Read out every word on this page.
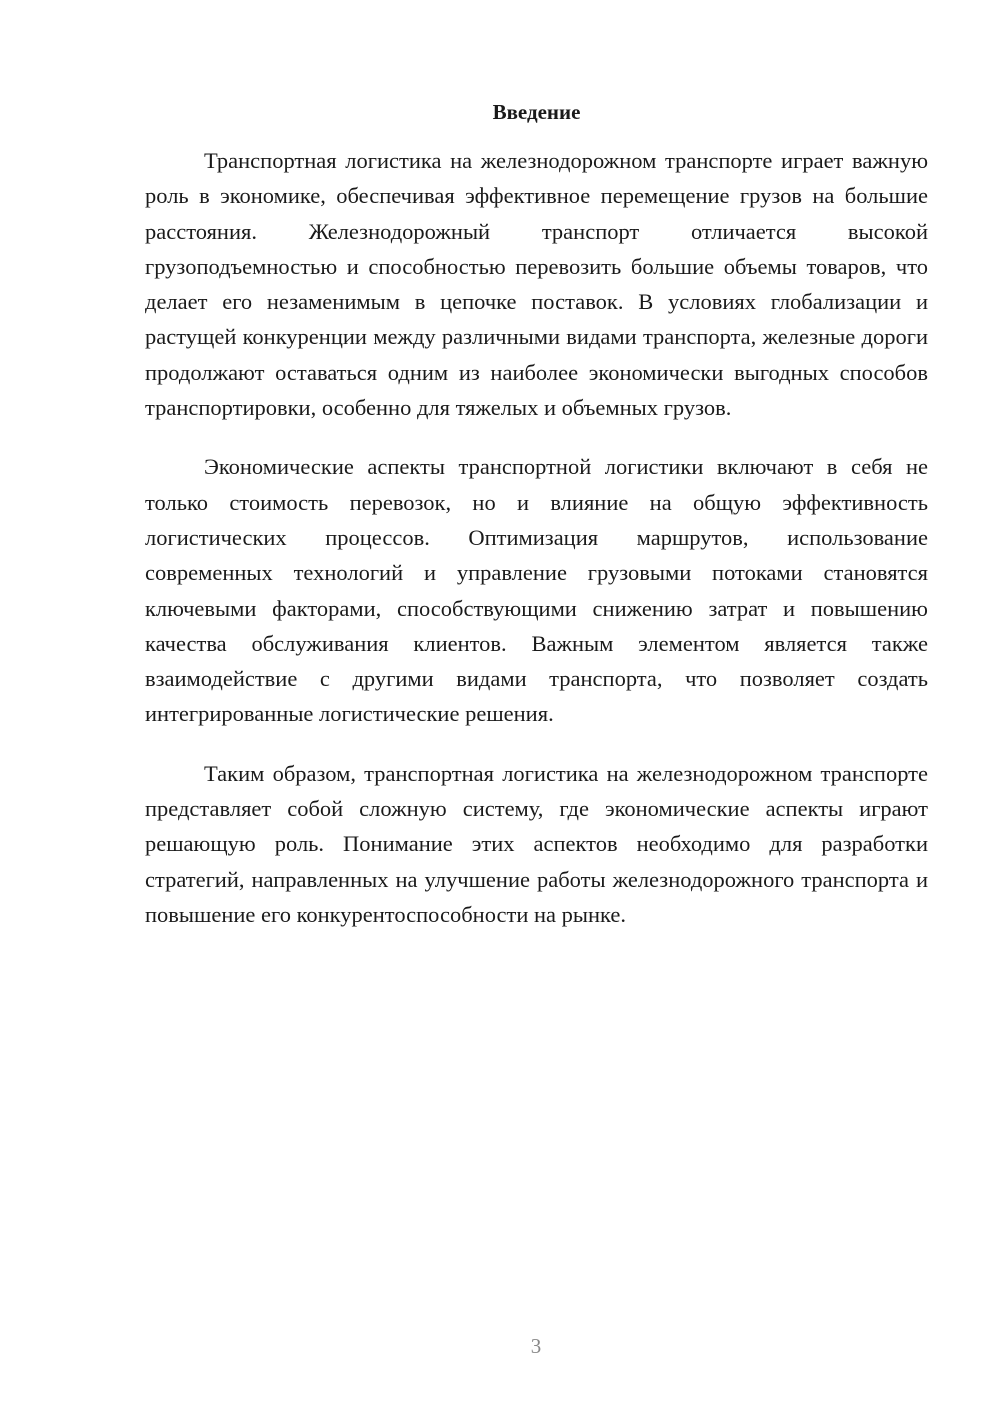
Введение

Транспортная логистика на железнодорожном транспорте играет важную роль в экономике, обеспечивая эффективное перемещение грузов на большие расстояния. Железнодорожный транспорт отличается высокой грузоподъемностью и способностью перевозить большие объемы товаров, что делает его незаменимым в цепочке поставок. В условиях глобализации и растущей конкуренции между различными видами транспорта, железные дороги продолжают оставаться одним из наиболее экономически выгодных способов транспортировки, особенно для тяжелых и объемных грузов.

Экономические аспекты транспортной логистики включают в себя не только стоимость перевозок, но и влияние на общую эффективность логистических процессов. Оптимизация маршрутов, использование современных технологий и управление грузовыми потоками становятся ключевыми факторами, способствующими снижению затрат и повышению качества обслуживания клиентов. Важным элементом является также взаимодействие с другими видами транспорта, что позволяет создать интегрированные логистические решения.

Таким образом, транспортная логистика на железнодорожном транспорте представляет собой сложную систему, где экономические аспекты играют решающую роль. Понимание этих аспектов необходимо для разработки стратегий, направленных на улучшение работы железнодорожного транспорта и повышение его конкурентоспособности на рынке.

3
